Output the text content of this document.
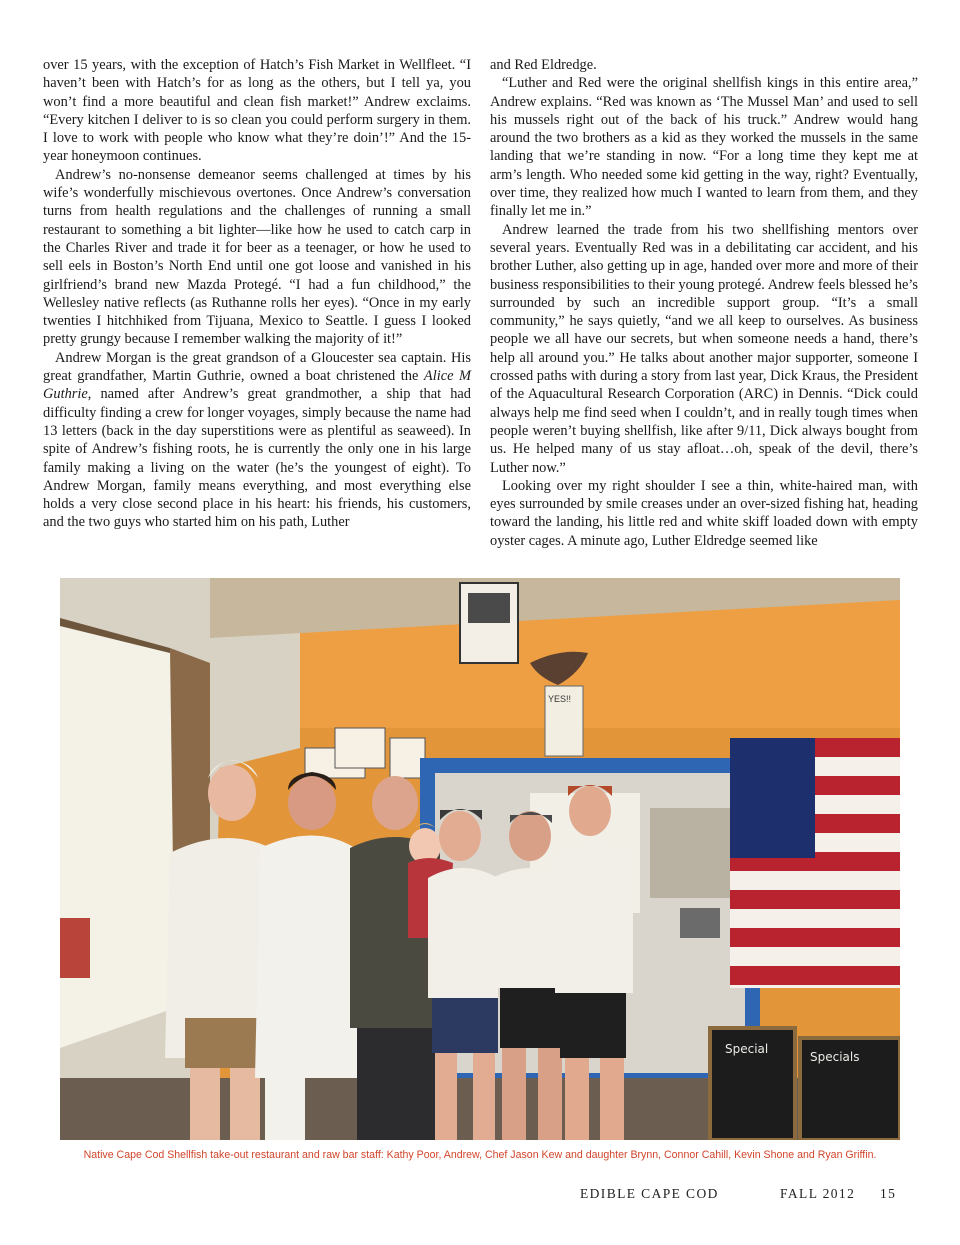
over 15 years, with the exception of Hatch’s Fish Market in Wellfleet. “I haven’t been with Hatch’s for as long as the others, but I tell ya, you won’t find a more beautiful and clean fish market!” Andrew exclaims. “Every kitchen I deliver to is so clean you could perform surgery in them. I love to work with people who know what they’re doin’!” And the 15-year honeymoon continues.

Andrew’s no-nonsense demeanor seems challenged at times by his wife’s wonderfully mischievous overtones. Once Andrew’s conversation turns from health regulations and the challenges of running a small restaurant to something a bit lighter—like how he used to catch carp in the Charles River and trade it for beer as a teenager, or how he used to sell eels in Boston’s North End until one got loose and vanished in his girlfriend’s brand new Mazda Protegé. “I had a fun childhood,” the Wellesley native reflects (as Ruthanne rolls her eyes). “Once in my early twenties I hitchhiked from Tijuana, Mexico to Seattle. I guess I looked pretty grungy because I remember walking the majority of it!”

Andrew Morgan is the great grandson of a Gloucester sea captain. His great grandfather, Martin Guthrie, owned a boat christened the Alice M Guthrie, named after Andrew’s great grandmother, a ship that had difficulty finding a crew for longer voyages, simply because the name had 13 letters (back in the day superstitions were as plentiful as seaweed). In spite of Andrew’s fishing roots, he is currently the only one in his large family making a living on the water (he’s the youngest of eight). To Andrew Morgan, family means everything, and most everything else holds a very close second place in his heart: his friends, his customers, and the two guys who started him on his path, Luther

and Red Eldredge.

“Luther and Red were the original shellfish kings in this entire area,” Andrew explains. “Red was known as ‘The Mussel Man’ and used to sell his mussels right out of the back of his truck.” Andrew would hang around the two brothers as a kid as they worked the mussels in the same landing that we’re standing in now. “For a long time they kept me at arm’s length. Who needed some kid getting in the way, right? Eventually, over time, they realized how much I wanted to learn from them, and they finally let me in.”

Andrew learned the trade from his two shellfishing mentors over several years. Eventually Red was in a debilitating car accident, and his brother Luther, also getting up in age, handed over more and more of their business responsibilities to their young protegé. Andrew feels blessed he’s surrounded by such an incredible support group. “It’s a small community,” he says quietly, “and we all keep to ourselves. As business people we all have our secrets, but when someone needs a hand, there’s help all around you.” He talks about another major supporter, someone I crossed paths with during a story from last year, Dick Kraus, the President of the Aquacultural Research Corporation (ARC) in Dennis. “Dick could always help me find seed when I couldn’t, and in really tough times when people weren’t buying shellfish, like after 9/11, Dick always bought from us. He helped many of us stay afloat…oh, speak of the devil, there’s Luther now.”

Looking over my right shoulder I see a thin, white-haired man, with eyes surrounded by smile creases under an over-sized fishing hat, heading toward the landing, his little red and white skiff loaded down with empty oyster cages. A minute ago, Luther Eldredge seemed like

YES!!
Special
Specials
Native Cape Cod Shellfish take-out restaurant and raw bar staff: Kathy Poor, Andrew, Chef Jason Kew and daughter Brynn, Connor Cahill, Kevin Shone and Ryan Griffin.
EDIBLE CAPE COD	FALL 2012 15
